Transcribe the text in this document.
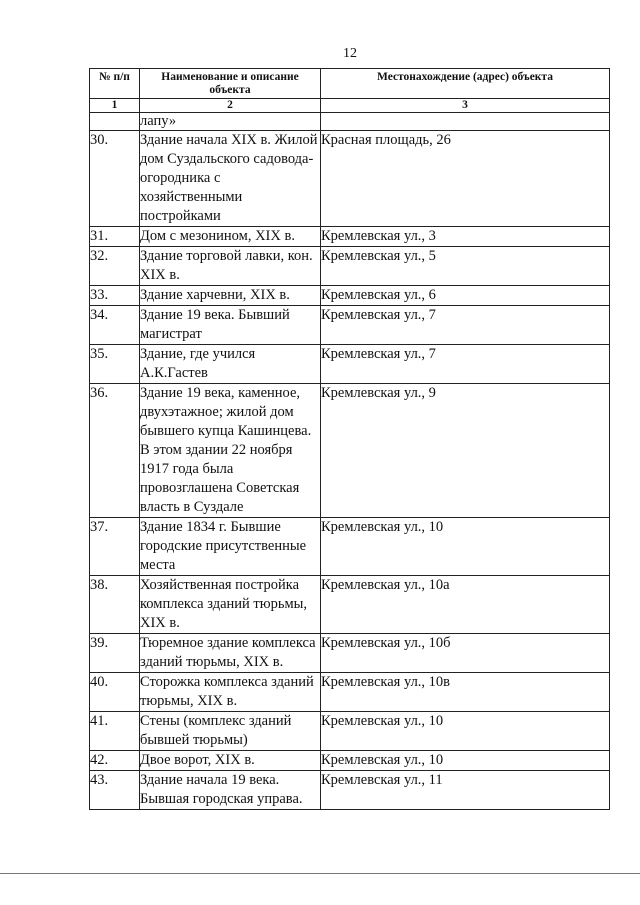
12
№ п/п	Наименование и описание объекта	Местонахождение (адрес) объекта
1	2	3
	лапу»	
30.	Здание начала XIX в. Жилой дом Суздальского садовода-огородника с хозяйственными постройками	Красная площадь, 26
31.	Дом с мезонином, XIX в.	Кремлевская ул., 3
32.	Здание торговой лавки, кон. XIX в.	Кремлевская ул., 5
33.	Здание харчевни, XIX в.	Кремлевская ул., 6
34.	Здание 19 века. Бывший магистрат	Кремлевская ул., 7
35.	Здание, где учился А.К.Гастев	Кремлевская ул., 7
36.	Здание 19 века, каменное, двухэтажное; жилой дом бывшего купца Кашинцева. В этом здании 22 ноября 1917 года была провозглашена Советская власть в Суздале	Кремлевская ул., 9
37.	Здание 1834 г. Бывшие городские присутственные места	Кремлевская ул., 10
38.	Хозяйственная постройка комплекса зданий тюрьмы, XIX в.	Кремлевская ул., 10а
39.	Тюремное здание комплекса зданий тюрьмы, XIX в.	Кремлевская ул., 10б
40.	Сторожка комплекса зданий тюрьмы, XIX в.	Кремлевская ул., 10в
41.	Стены (комплекс зданий бывшей тюрьмы)	Кремлевская ул., 10
42.	Двое ворот, XIX в.	Кремлевская ул., 10
43.	Здание начала 19 века. Бывшая городская управа.	Кремлевская ул., 11
